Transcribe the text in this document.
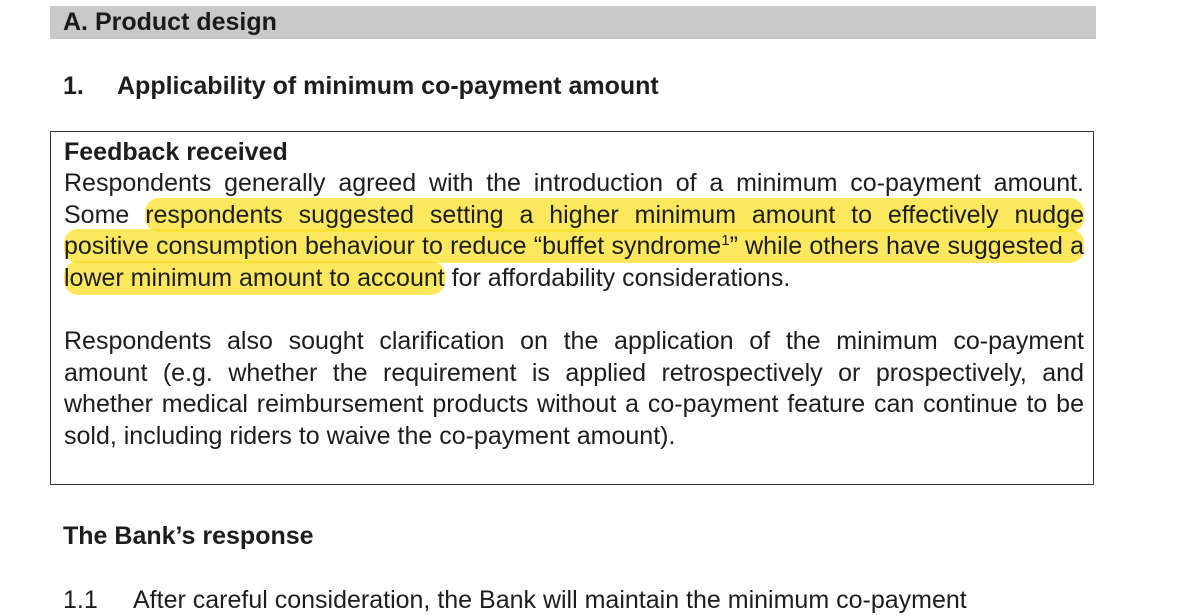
A. Product design
1. Applicability of minimum co-payment amount

Feedback received

Respondents generally agreed with the introduction of a minimum co-payment amount. Some respondents suggested setting a higher minimum amount to effectively nudge positive consumption behaviour to reduce “buffet syndrome$^1$” while others have suggested a lower minimum amount to account for affordability considerations.

Respondents also sought clarification on the application of the minimum co-payment amount (e.g. whether the requirement is applied retrospectively or prospectively, and whether medical reimbursement products without a co-payment feature can continue to be sold, including riders to waive the co-payment amount).

The Bank’s response
1.1 After careful consideration, the Bank will maintain the minimum co-payment
